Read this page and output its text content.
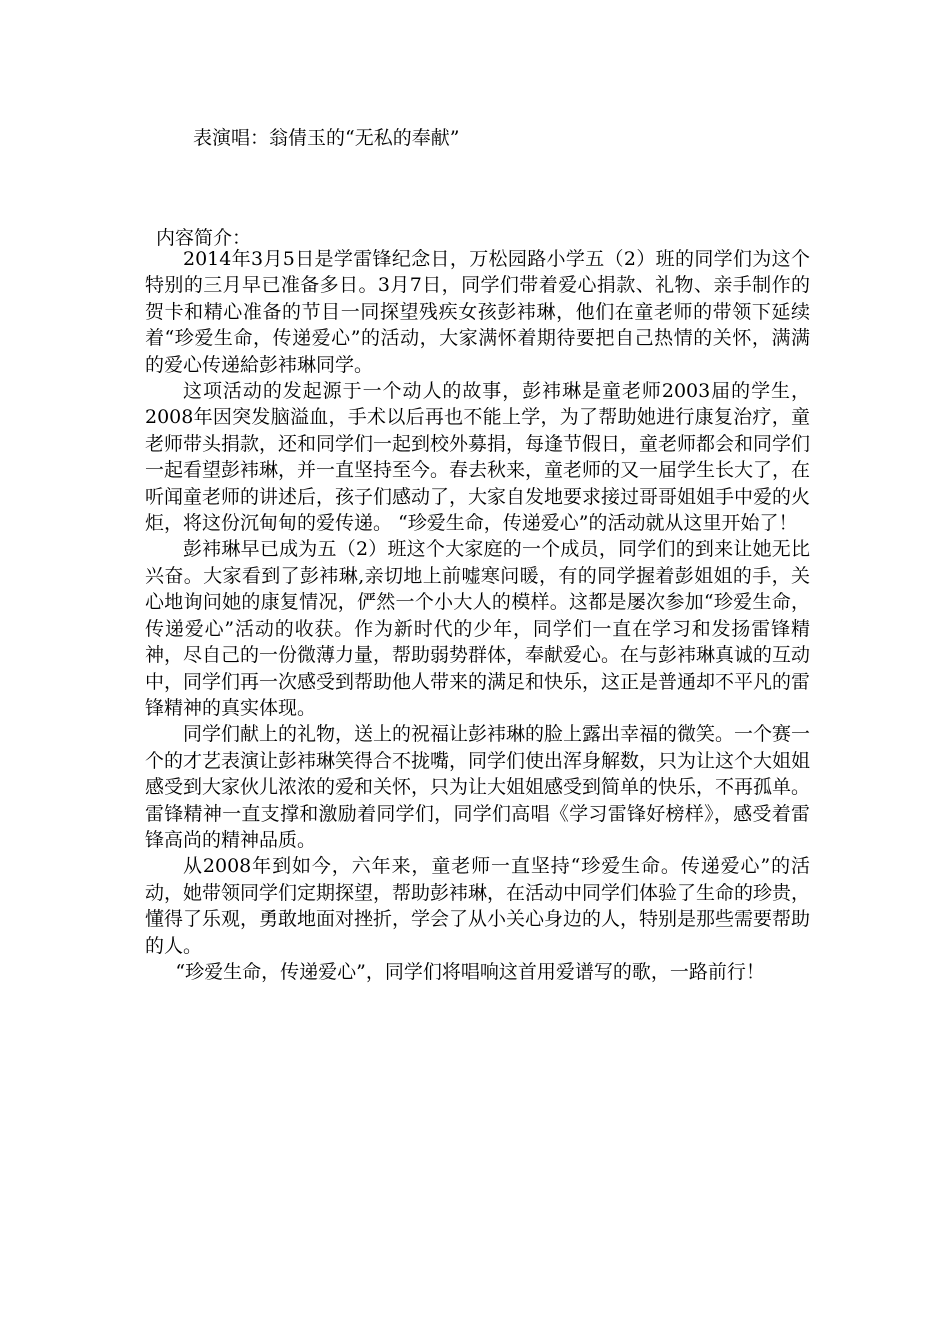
表演唱：翁倩玉的“无私的奉献”
内容简介：

2014年3月5日是学雷锋纪念日，万松园路小学五（2）班的同学们为这个特别的三月早已准备多日。3月7日，同学们带着爱心捐款、礼物、亲手制作的贺卡和精心准备的节目一同探望残疾女孩彭袆琳，他们在童老师的带领下延续着“珍爱生命，传递爱心”的活动，大家满怀着期待要把自己热情的关怀，满满的爱心传递給彭袆琳同学。

这项活动的发起源于一个动人的故事，彭袆琳是童老师2003届的学生，2008年因突发脑溢血，手术以后再也不能上学，为了帮助她进行康复治疗，童老师带头捐款，还和同学们一起到校外募捐，每逢节假日，童老师都会和同学们一起看望彭袆琳，并一直坚持至今。春去秋来，童老师的又一届学生长大了，在听闻童老师的讲述后，孩子们感动了，大家自发地要求接过哥哥姐姐手中爱的火炬，将这份沉甸甸的爱传递。 “珍爱生命，传递爱心”的活动就从这里开始了！

彭袆琳早已成为五（2）班这个大家庭的一个成员，同学们的到来让她无比兴奋。大家看到了彭袆琳,亲切地上前嘘寒问暖，有的同学握着彭姐姐的手，关心地询问她的康复情况，俨然一个小大人的模样。这都是屡次参加“珍爱生命，传递爱心”活动的收获。作为新时代的少年，同学们一直在学习和发扬雷锋精神，尽自己的一份微薄力量，帮助弱势群体，奉献爱心。在与彭袆琳真诚的互动中，同学们再一次感受到帮助他人带来的满足和快乐，这正是普通却不平凡的雷锋精神的真实体现。

同学们献上的礼物，送上的祝福让彭袆琳的脸上露出幸福的微笑。一个赛一个的才艺表演让彭袆琳笑得合不拢嘴，同学们使出浑身解数，只为让这个大姐姐感受到大家伙儿浓浓的爱和关怀，只为让大姐姐感受到简单的快乐，不再孤单。雷锋精神一直支撑和激励着同学们，同学们高唱《学习雷锋好榜样》，感受着雷锋高尚的精神品质。

从2008年到如今，六年来，童老师一直坚持“珍爱生命。传递爱心”的活动，她带领同学们定期探望，帮助彭袆琳，在活动中同学们体验了生命的珍贵，懂得了乐观，勇敢地面对挫折，学会了从小关心身边的人，特别是那些需要帮助的人。

“珍爱生命，传递爱心”，同学们将唱响这首用爱谱写的歌，一路前行！
